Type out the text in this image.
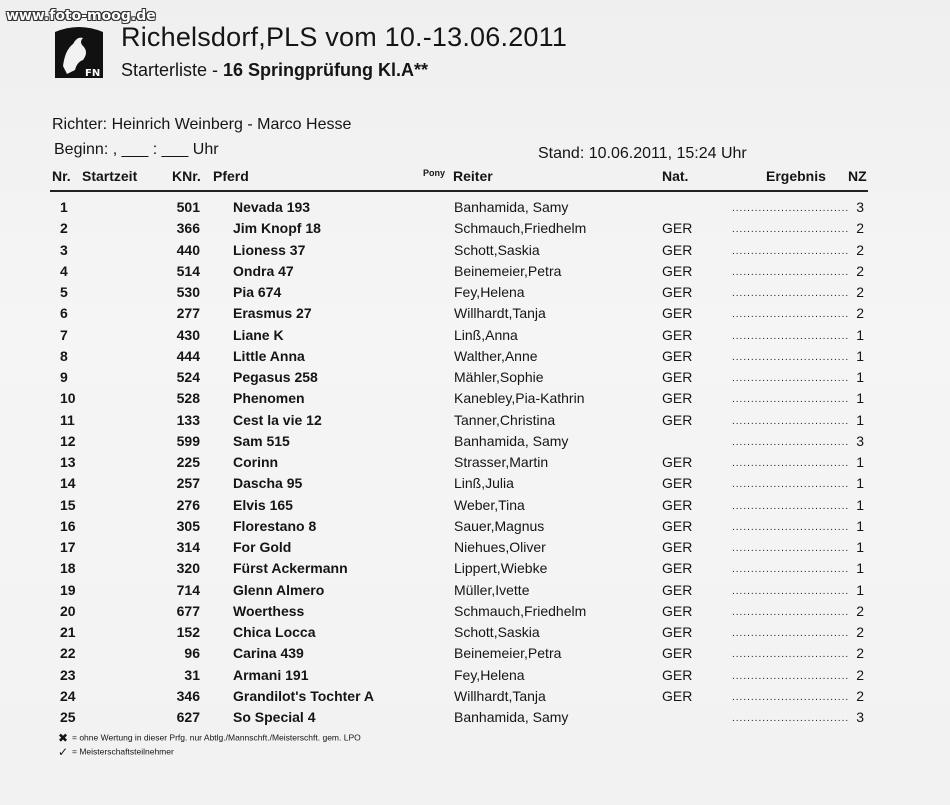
www.foto-moog.de
FN
Richelsdorf,PLS vom 10.-13.06.2011
Starterliste - 16 Springprüfung Kl.A**
Richter: Heinrich Weinberg - Marco Hesse
Beginn: , ___ : ___ Uhr	Stand: 10.06.2011, 15:24 Uhr
Nr. Startzeit KNr. Pferd	Pony Reiter	Nat.	Ergebnis NZ
1	501 Nevada 193	Banhamida, Samy	............................... 3
2	366 Jim Knopf 18	Schmauch,Friedhelm	GER	............................... 2
3	440 Lioness 37	Schott,Saskia	GER	............................... 2
4	514 Ondra 47	Beinemeier,Petra	GER	............................... 2
5	530 Pia 674	Fey,Helena	GER	............................... 2
6	277 Erasmus 27	Willhardt,Tanja	GER	............................... 2
7	430 Liane K	Linß,Anna	GER	............................... 1
8	444 Little Anna	Walther,Anne	GER	............................... 1
9	524 Pegasus 258	Mähler,Sophie	GER	............................... 1
10	528 Phenomen	Kanebley,Pia-Kathrin	GER	............................... 1
11	133 Cest la vie 12	Tanner,Christina	GER	............................... 1
12	599 Sam 515	Banhamida, Samy	............................... 3
13	225 Corinn	Strasser,Martin	GER	............................... 1
14	257 Dascha 95	Linß,Julia	GER	............................... 1
15	276 Elvis 165	Weber,Tina	GER	............................... 1
16	305 Florestano 8	Sauer,Magnus	GER	............................... 1
17	314 For Gold	Niehues,Oliver	GER	............................... 1
18	320 Fürst Ackermann	Lippert,Wiebke	GER	............................... 1
19	714 Glenn Almero	Müller,Ivette	GER	............................... 1
20	677 Woerthess	Schmauch,Friedhelm	GER	............................... 2
21	152 Chica Locca	Schott,Saskia	GER	............................... 2
22	96 Carina 439	Beinemeier,Petra	GER	............................... 2
23	31 Armani 191	Fey,Helena	GER	............................... 2
24	346 Grandilot's Tochter A	Willhardt,Tanja	GER	............................... 2
25	627 So Special 4	Banhamida, Samy	............................... 3
✖ = ohne Wertung in dieser Prfg. nur Abtlg./Mannschft./Meisterschft. gem. LPO
✓ = Meisterschaftsteilnehmer
